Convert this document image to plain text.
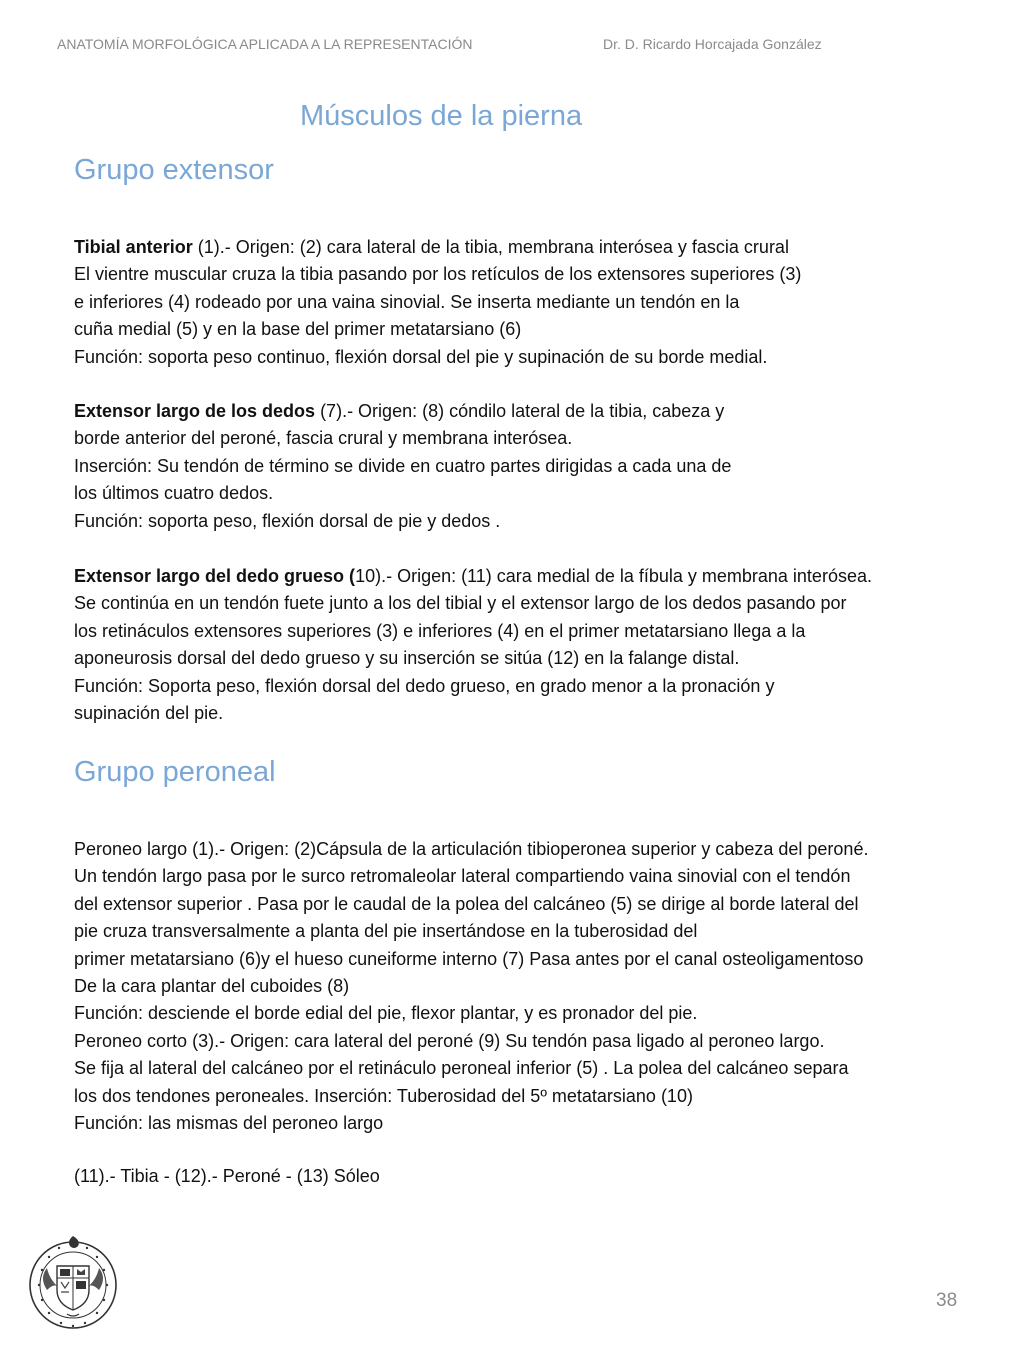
ANATOMÍA MORFOLÓGICA APLICADA A LA REPRESENTACIÓN	Dr. D. Ricardo Horcajada González
Músculos de la pierna
Grupo extensor
Tibial anterior (1).- Origen: (2) cara lateral de la tibia, membrana interósea y fascia crural
El vientre muscular cruza la tibia pasando por los retículos de los extensores superiores (3)
e inferiores (4) rodeado por una vaina sinovial. Se inserta mediante un tendón en la
cuña medial (5) y en la base del primer metatarsiano (6)
Función: soporta peso continuo, flexión dorsal del pie y supinación de su borde medial.
Extensor largo de los dedos (7).- Origen: (8) cóndilo lateral de la tibia, cabeza y
borde anterior del peroné, fascia crural y membrana interósea.
Inserción: Su tendón de término se divide en cuatro partes dirigidas a cada una de
los últimos cuatro dedos.
Función: soporta peso, flexión dorsal de pie y dedos .
Extensor largo del dedo grueso (10).- Origen: (11) cara medial de la fíbula y membrana interósea.
Se continúa en un tendón fuete junto a los del tibial y el extensor largo de los dedos pasando por
los retináculos extensores superiores (3) e inferiores (4) en el primer metatarsiano llega a la
aponeurosis dorsal del dedo grueso y su inserción se sitúa (12) en la falange distal.
Función: Soporta peso, flexión dorsal del dedo grueso, en grado menor a la pronación y
supinación del pie.
Grupo peroneal
Peroneo largo (1).- Origen: (2)Cápsula de la articulación tibioperonea superior y cabeza del peroné.
Un tendón largo pasa por le surco retromaleolar lateral compartiendo vaina sinovial con el tendón
del extensor superior . Pasa por le caudal de la polea del calcáneo (5) se dirige al borde lateral del
pie cruza transversalmente a planta del pie insertándose en la tuberosidad del
primer metatarsiano (6)y el hueso cuneiforme interno (7) Pasa antes por el canal osteoligamentoso
De la cara plantar del cuboides (8)
Función: desciende el borde edial del pie, flexor plantar, y es pronador del pie.
Peroneo corto (3).- Origen: cara lateral del peroné (9) Su tendón pasa ligado al peroneo largo.
Se fija al lateral del calcáneo por el retináculo peroneal inferior (5) . La polea del calcáneo separa
los dos tendones peroneales. Inserción: Tuberosidad del 5º metatarsiano (10)
Función: las mismas del peroneo largo
(11).- Tibia - (12).- Peroné - (13) Sóleo
38
